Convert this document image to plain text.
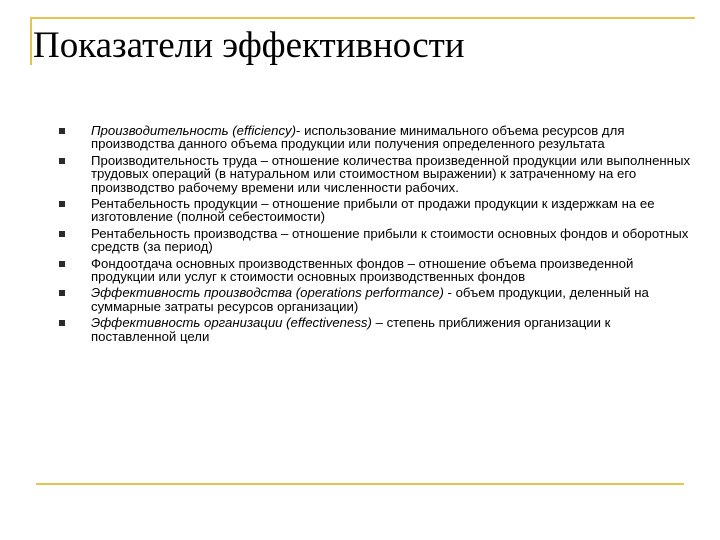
Показатели эффективности
Производительность (efficiency)- использование минимального объема ресурсов для производства данного объема продукции или получения определенного результата
Производительность труда – отношение количества произведенной продукции или выполненных трудовых операций (в натуральном или стоимостном выражении) к затраченному на его производство рабочему времени или численности рабочих.
Рентабельность продукции – отношение прибыли от продажи продукции к издержкам на ее изготовление (полной себестоимости)
Рентабельность производства – отношение прибыли к стоимости основных фондов и оборотных средств (за период)
Фондоотдача основных производственных фондов – отношение объема произведенной продукции или услуг к стоимости основных производственных фондов
Эффективность производства (operations performance) - объем продукции, деленный на суммарные затраты ресурсов организации)
Эффективность организации (effectiveness) – степень приближения организации к поставленной цели
